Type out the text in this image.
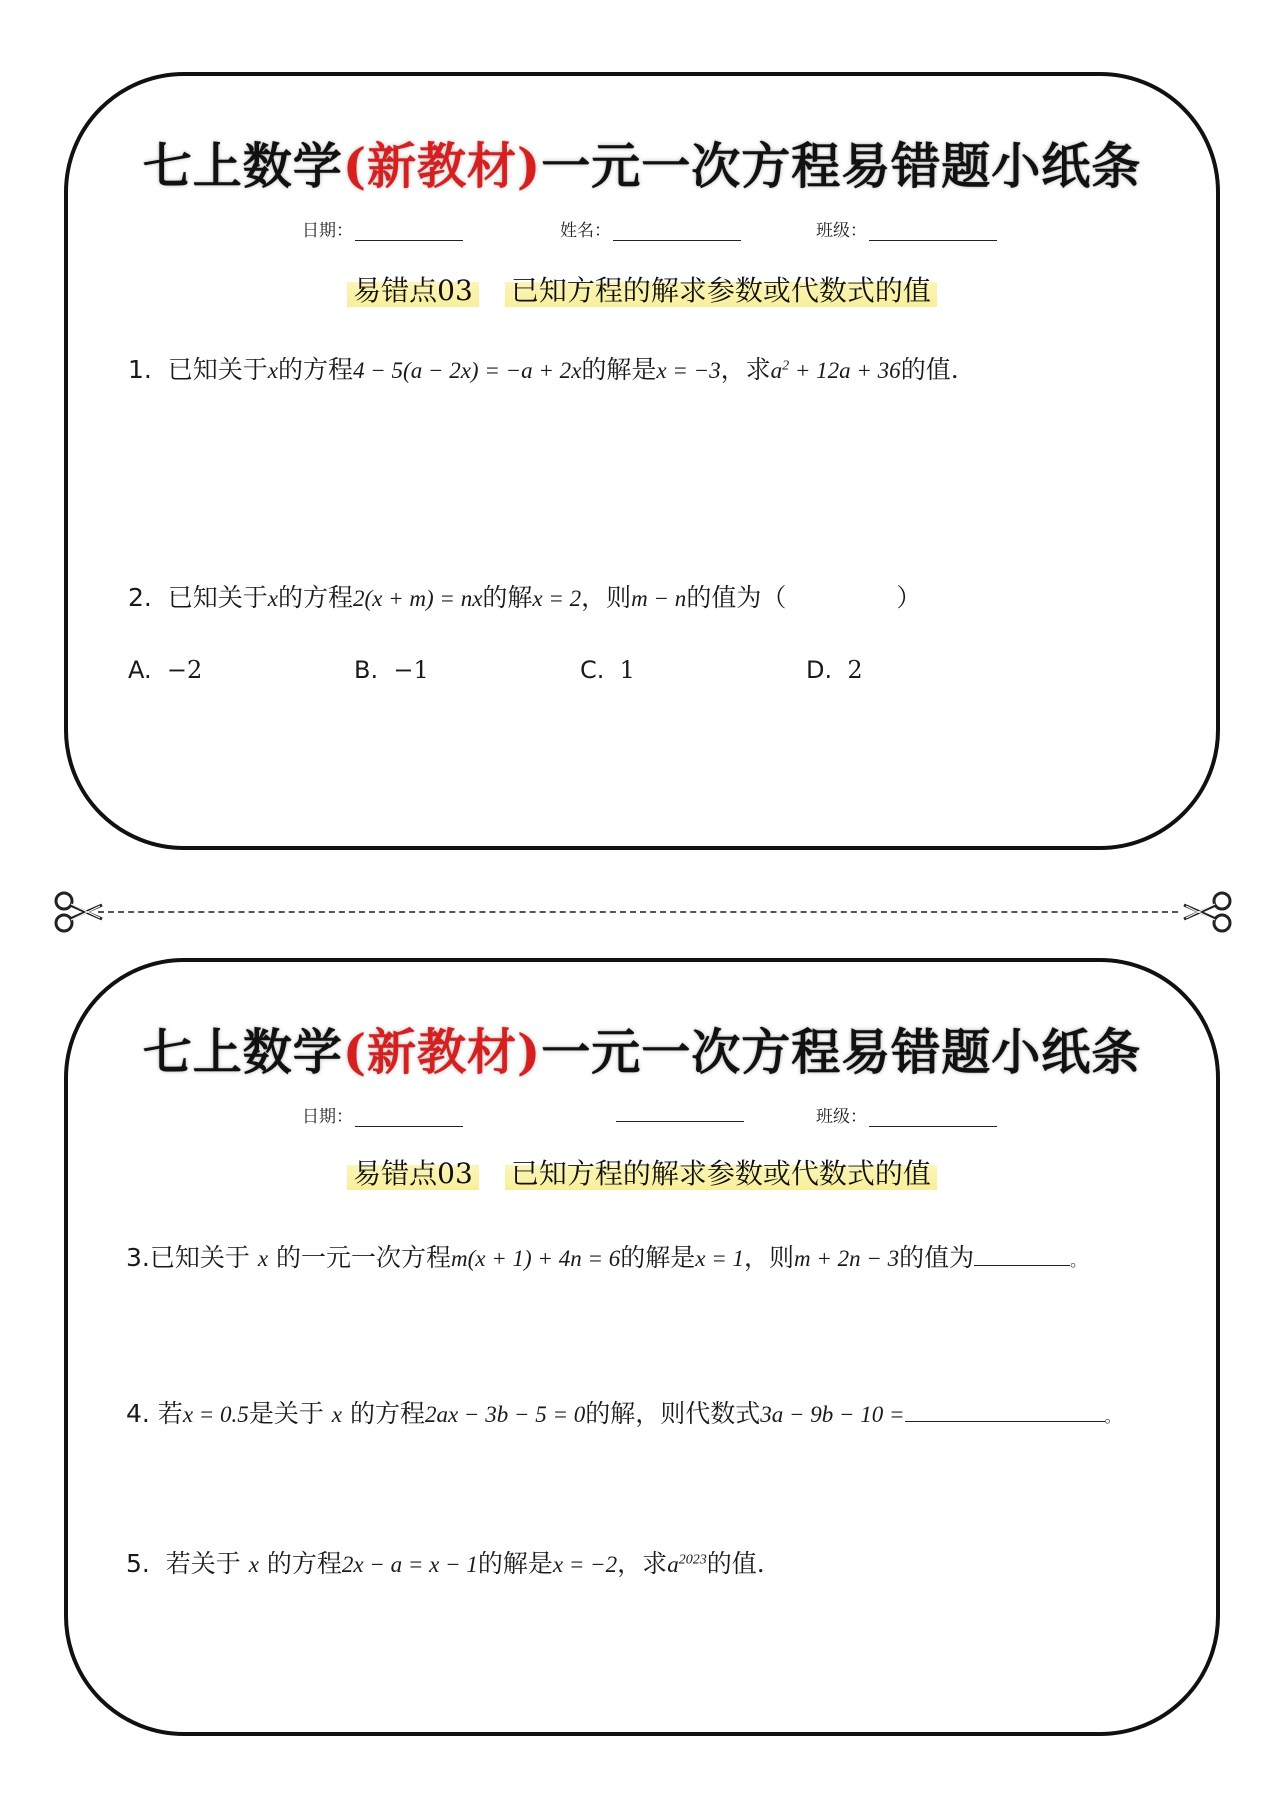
七上数学(新教材)一元一次方程易错题小纸条
日期：	姓名：	班级：
易错点03 已知方程的解求参数或代数式的值
1. 已知关于x的方程4 − 5(a − 2x) = −a + 2x的解是x = −3，求$a^2 + 12a + 36$的值.
2. 已知关于x的方程2(x + m) = nx的解x = 2，则m − n的值为（	）
A. −2	B. −1	C. 1	D. 2
七上数学(新教材)一元一次方程易错题小纸条
日期：	班级：
易错点03 已知方程的解求参数或代数式的值
3.已知关于 x 的一元一次方程m(x + 1) + 4n = 6的解是x = 1，则m + 2n − 3的值为	。
4. 若x = 0.5是关于 x 的方程2ax − 3b − 5 = 0的解，则代数式3a − 9b − 10 =	。
5. 若关于 x 的方程2x − a = x − 1的解是x = −2，求$a^{2023}$的值.
